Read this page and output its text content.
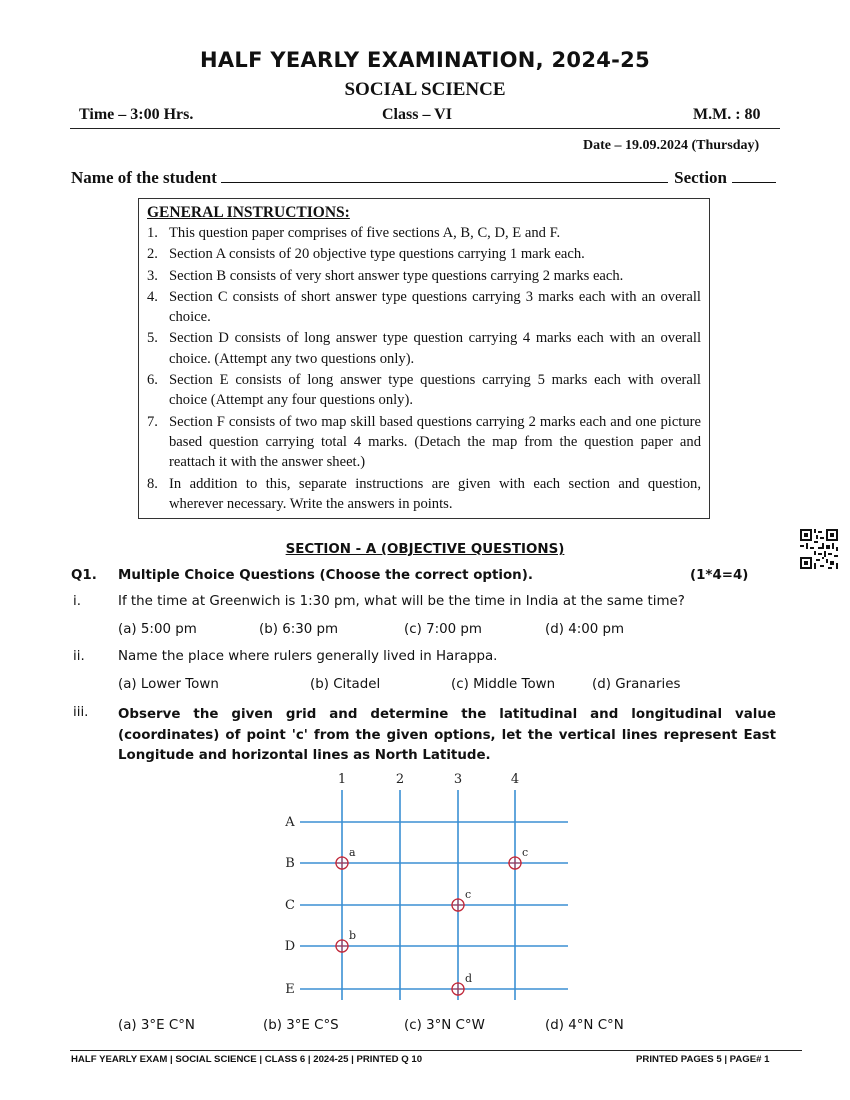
HALF YEARLY EXAMINATION, 2024-25
SOCIAL SCIENCE
Time – 3:00 Hrs.	Class – VI	M.M. : 80
Date – 19.09.2024 (Thursday)
Name of the student	Section
GENERAL INSTRUCTIONS:
1. This question paper comprises of five sections A, B, C, D, E and F.
2. Section A consists of 20 objective type questions carrying 1 mark each.
3. Section B consists of very short answer type questions carrying 2 marks each.
4. Section C consists of short answer type questions carrying 3 marks each with an overall choice.
5. Section D consists of long answer type question carrying 4 marks each with an overall choice. (Attempt any two questions only).
6. Section E consists of long answer type questions carrying 5 marks each with overall choice (Attempt any four questions only).
7. Section F consists of two map skill based questions carrying 2 marks each and one picture based question carrying total 4 marks. (Detach the map from the question paper and reattach it with the answer sheet.)
8. In addition to this, separate instructions are given with each section and question, wherever necessary. Write the answers in points.
SECTION - A (OBJECTIVE QUESTIONS)
Q1. Multiple Choice Questions (Choose the correct option).	(1*4=4)
i.	If the time at Greenwich is 1:30 pm, what will be the time in India at the same time?
(a) 5:00 pm	(b) 6:30 pm	(c) 7:00 pm	(d) 4:00 pm
ii. Name the place where rulers generally lived in Harappa.
(a) Lower Town	(b) Citadel	(c) Middle Town	(d) Granaries
iii. Observe the given grid and determine the latitudinal and longitudinal value (coordinates) of point 'c' from the given options, let the vertical lines represent East Longitude and horizontal lines as North Latitude.
1	2	3	4
A
B
C
D
E
a	c
c
b
d
(a) 3°E C°N	(b) 3°E C°S	(c) 3°N C°W	(d) 4°N C°N
HALF YEARLY EXAM | SOCIAL SCIENCE | CLASS 6 | 2024-25 | PRINTED Q 10	PRINTED PAGES 5 | PAGE# 1
